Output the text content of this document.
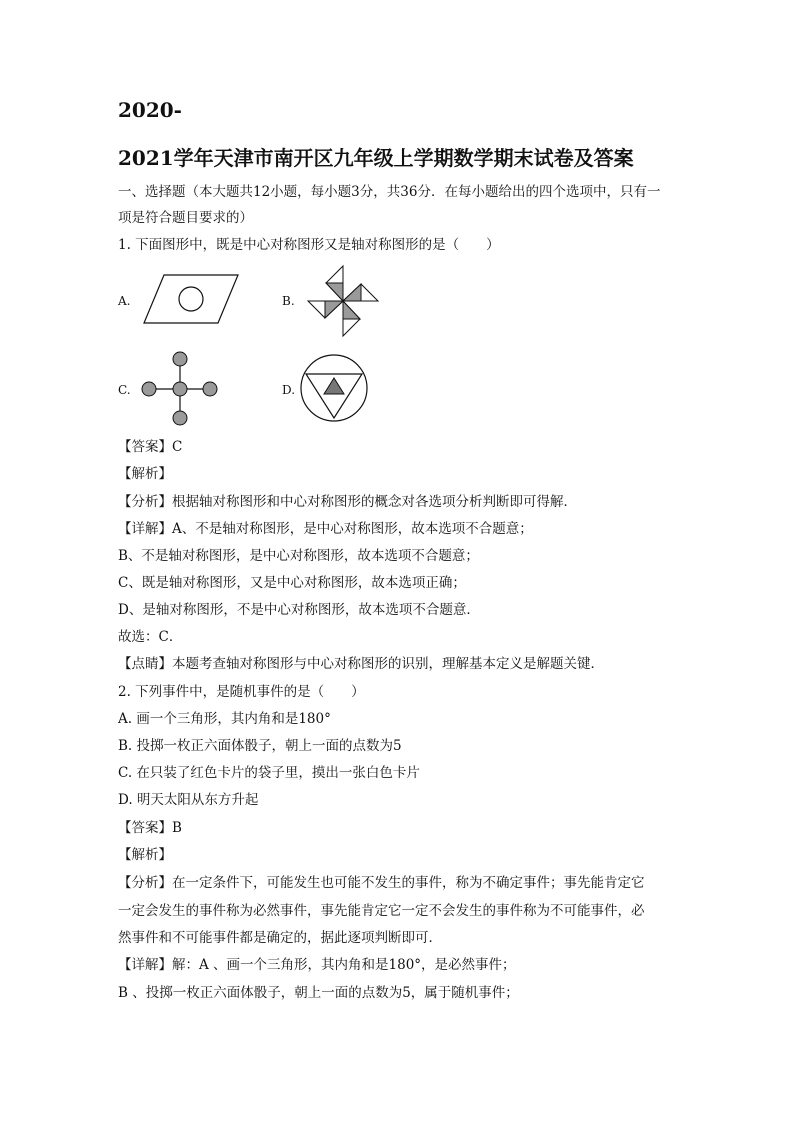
2020-
2021学年天津市南开区九年级上学期数学期末试卷及答案
一、选择题（本大题共12小题，每小题3分，共36分．在每小题给出的四个选项中，只有一
项是符合题目要求的）
1. 下面图形中，既是中心对称图形又是轴对称图形的是（　　）
A.	B.
C.	D.
【答案】C
【解析】
【分析】根据轴对称图形和中心对称图形的概念对各选项分析判断即可得解．
【详解】A、不是轴对称图形，是中心对称图形，故本选项不合题意；
B、不是轴对称图形，是中心对称图形，故本选项不合题意；
C、既是轴对称图形，又是中心对称图形，故本选项正确；
D、是轴对称图形，不是中心对称图形，故本选项不合题意．
故选：C．
【点睛】本题考查轴对称图形与中心对称图形的识别，理解基本定义是解题关键．
2. 下列事件中，是随机事件的是（　　）
A. 画一个三角形，其内角和是180°
B. 投掷一枚正六面体骰子，朝上一面的点数为5
C. 在只装了红色卡片的袋子里，摸出一张白色卡片
D. 明天太阳从东方升起
【答案】B
【解析】
【分析】在一定条件下，可能发生也可能不发生的事件，称为不确定事件；事先能肯定它
一定会发生的事件称为必然事件，事先能肯定它一定不会发生的事件称为不可能事件，必
然事件和不可能事件都是确定的，据此逐项判断即可．
【详解】解：A 、画一个三角形，其内角和是180°，是必然事件；
B 、投掷一枚正六面体骰子，朝上一面的点数为5，属于随机事件；
